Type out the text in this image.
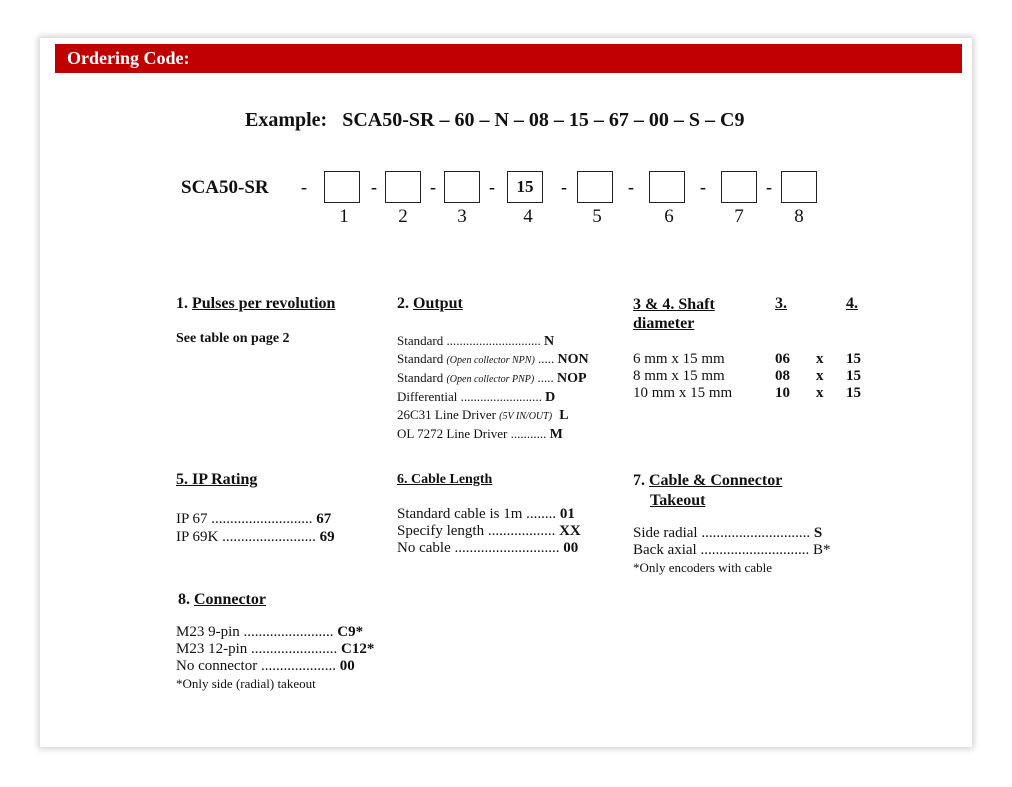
Ordering Code:
Example: SCA50-SR – 60 – N – 08 – 15 – 67 – 00 – S – C9
SCA50-SR -	-	-	-	15	-	-	-	-
1	2	3	4	5	6	7	8
1. Pulses per revolution
See table on page 2
2. Output
Standard ............................. N
Standard (Open collector NPN) ..... NON
Standard (Open collector PNP) ..... NOP
Differential ......................... D
26C31 Line Driver (5V IN/OUT) L
OL 7272 Line Driver ........... M
3 & 4. Shaft
diameter
3.	4.
6 mm x 15 mm	06 x 15
8 mm x 15 mm	08 x 15
10 mm x 15 mm	10 x 15
5. IP Rating
IP 67 ........................... 67
IP 69K ......................... 69
6. Cable Length
Standard cable is 1m ........ 01
Specify length .................. XX
No cable ............................ 00
7. Cable & Connector
Takeout
Side radial ............................. S
Back axial ............................. B*
*Only encoders with cable
8. Connector
M23 9-pin ........................ C9*
M23 12-pin ....................... C12*
No connector .................... 00
*Only side (radial) takeout
